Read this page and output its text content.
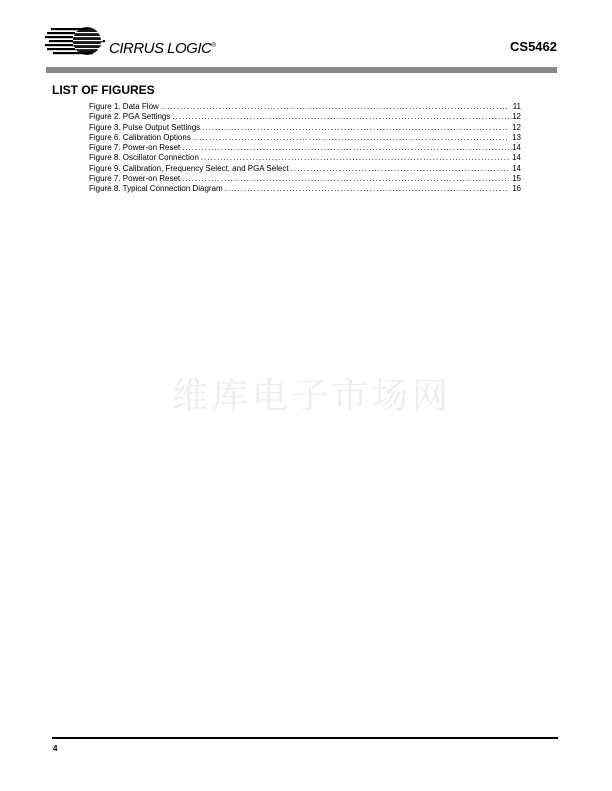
CIRRUS LOGIC®	CS5462
LIST OF FIGURES
Figure 1. Data Flow .....	11
Figure 2. PGA Settings .....	12
Figure 3. Pulse Output Settings .....	12
Figure 6. Calibration Options .....	13
Figure 7. Power-on Reset .....	14
Figure 8. Oscillator Connection .....	14
Figure 9. Calibration, Frequency Select, and PGA Select .....	14
Figure 7. Power-on Reset .....	15
Figure 8. Typical Connection Diagram .....	16
维库电子市场网
4
